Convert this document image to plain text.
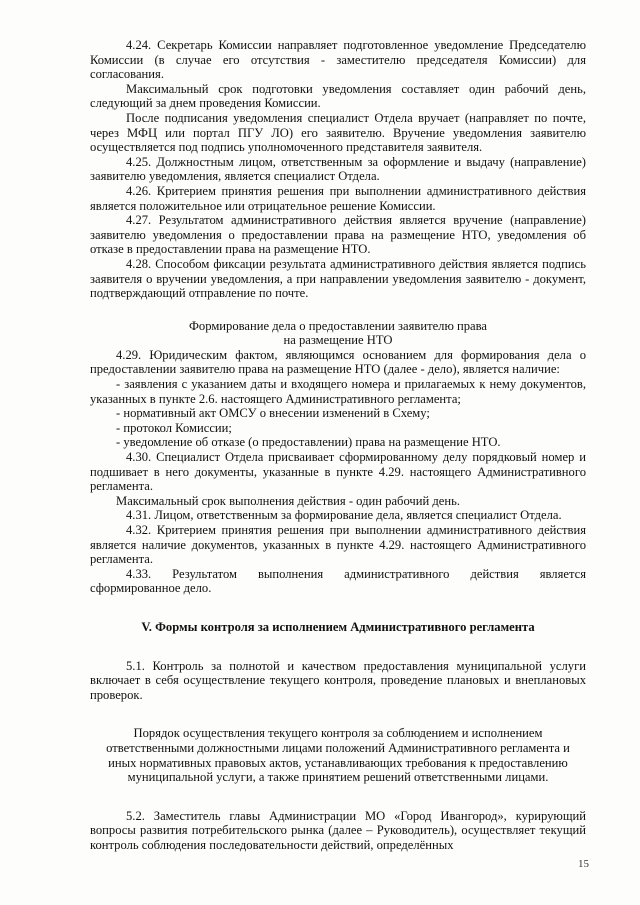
4.24. Секретарь Комиссии направляет подготовленное уведомление Председателю Комиссии (в случае его отсутствия - заместителю председателя Комиссии) для согласования.

Максимальный срок подготовки уведомления составляет один рабочий день, следующий за днем проведения Комиссии.

После подписания уведомления специалист Отдела вручает (направляет по почте, через МФЦ или портал ПГУ ЛО) его заявителю. Вручение уведомления заявителю осуществляется под подпись уполномоченного представителя заявителя.

4.25. Должностным лицом, ответственным за оформление и выдачу (направление) заявителю уведомления, является специалист Отдела.

4.26. Критерием принятия решения при выполнении административного действия является положительное или отрицательное решение Комиссии.

4.27. Результатом административного действия является вручение (направление) заявителю уведомления о предоставлении права на размещение НТО, уведомления об отказе в предоставлении права на размещение НТО.

4.28. Способом фиксации результата административного действия является подпись заявителя о вручении уведомления, а при направлении уведомления заявителю - документ, подтверждающий отправление по почте.

Формирование дела о предоставлении заявителю права
на размещение НТО

4.29. Юридическим фактом, являющимся основанием для формирования дела о предоставлении заявителю права на размещение НТО (далее - дело), является наличие:

- заявления с указанием даты и входящего номера и прилагаемых к нему документов, указанных в пункте 2.6. настоящего Административного регламента;

- нормативный акт ОМСУ о внесении изменений в Схему;

- протокол Комиссии;

- уведомление об отказе (о предоставлении) права на размещение НТО.

4.30. Специалист Отдела присваивает сформированному делу порядковый номер и подшивает в него документы, указанные в пункте 4.29. настоящего Административного регламента.

Максимальный срок выполнения действия - один рабочий день.

4.31. Лицом, ответственным за формирование дела, является специалист Отдела.

4.32. Критерием принятия решения при выполнении административного действия является наличие документов, указанных в пункте 4.29. настоящего Административного регламента.

4.33. Результатом выполнения административного действия является сформированное дело.

V. Формы контроля за исполнением Административного регламента

5.1. Контроль за полнотой и качеством предоставления муниципальной услуги включает в себя осуществление текущего контроля, проведение плановых и внеплановых проверок.

Порядок осуществления текущего контроля за соблюдением и исполнением ответственными должностными лицами положений Административного регламента и иных нормативных правовых актов, устанавливающих требования к предоставлению муниципальной услуги, а также принятием решений ответственными лицами.

5.2. Заместитель главы Администрации МО «Город Ивангород», курирующий вопросы развития потребительского рынка (далее – Руководитель), осуществляет текущий контроль соблюдения последовательности действий, определённых

15
